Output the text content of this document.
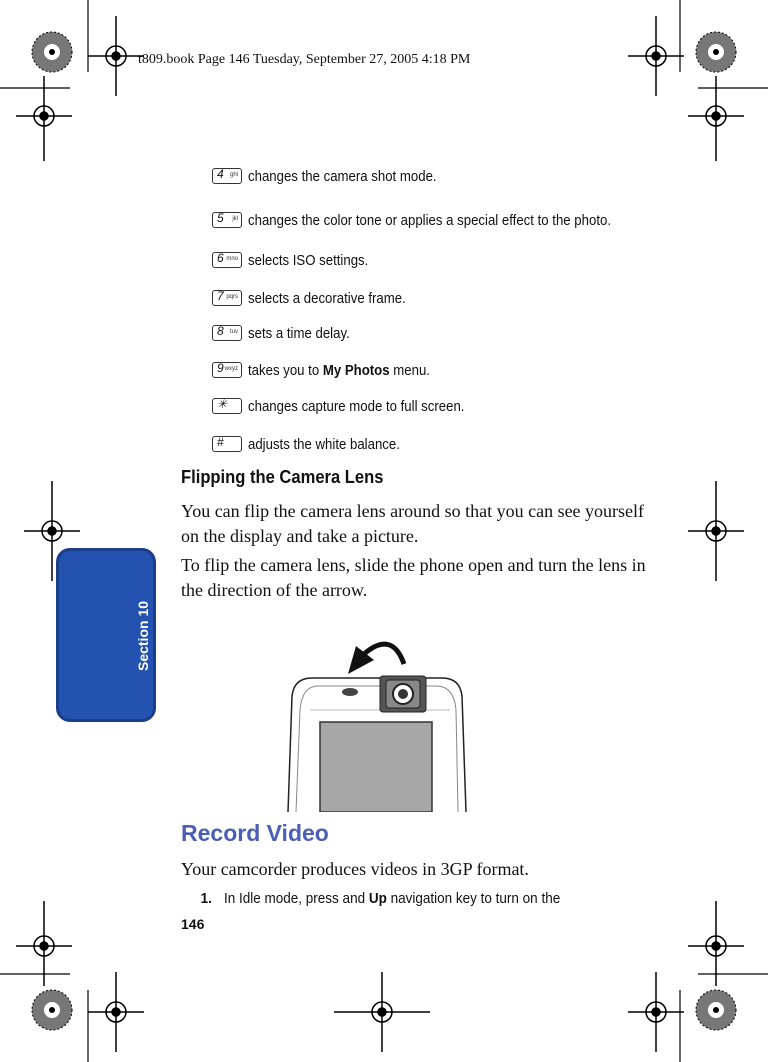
t809.book Page 146 Tuesday, September 27, 2005 4:18 PM
Section 10
4 ghi changes the camera shot mode.
5 jkl changes the color tone or applies a special effect to the photo.
6 mno selects ISO settings.
7 pqrs selects a decorative frame.
8 tuv sets a time delay.
9 wxyz takes you to My Photos menu.
✳ changes capture mode to full screen.
# adjusts the white balance.
Flipping the Camera Lens
You can flip the camera lens around so that you can see yourself on the display and take a picture.
To flip the camera lens, slide the phone open and turn the lens in the direction of the arrow.
Record Video
Your camcorder produces videos in 3GP format.
1. In Idle mode, press and Up navigation key to turn on the
146
